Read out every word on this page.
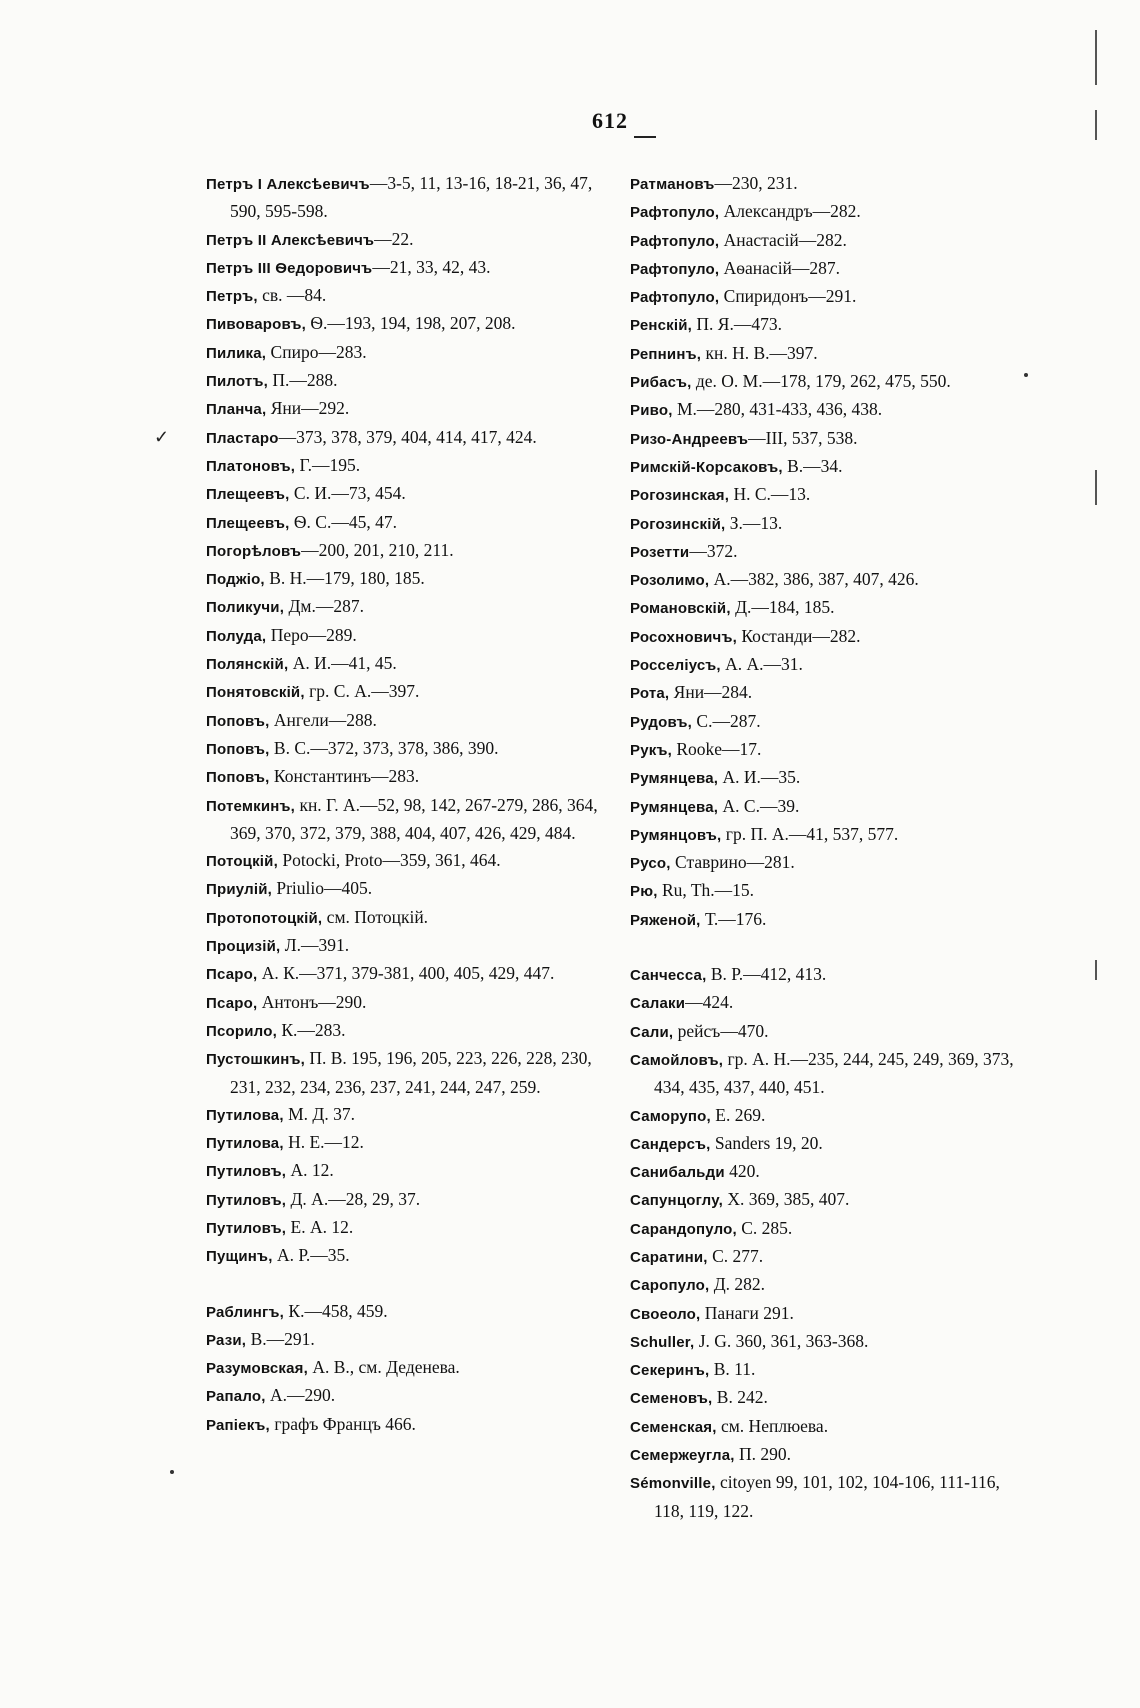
612
Петръ I Алексѣевичъ—3-5, 11, 13-16, 18-21, 36, 47, 590, 595-598.
Петръ II Алексѣевичъ—22.
Петръ III Ѳедоровичъ—21, 33, 42, 43.
Петръ, св. —84.
Пивоваровъ, Ѳ.—193, 194, 198, 207, 208.
Пилика, Спиро—283.
Пилотъ, П.—288.
Планча, Яни—292.
✓	Пластаро—373, 378, 379, 404, 414, 417, 424.
Платоновъ, Г.—195.
Плещеевъ, С. И.—73, 454.
Плещеевъ, Ѳ. С.—45, 47.
Погорѣловъ—200, 201, 210, 211.
Поджіо, В. Н.—179, 180, 185.
Поликучи, Дм.—287.
Полуда, Перо—289.
Полянскій, А. И.—41, 45.
Понятовскій, гр. С. А.—397.
Поповъ, Ангели—288.
Поповъ, В. С.—372, 373, 378, 386, 390.
Поповъ, Константинъ—283.
Потемкинъ, кн. Г. А.—52, 98, 142, 267-279, 286, 364, 369, 370, 372, 379, 388, 404, 407, 426, 429, 484.
Потоцкій, Potocki, Proto—359, 361, 464.
Приулій, Priulio—405.
Протопотоцкій, см. Потоцкій.
Процизій, Л.—391.
Псаро, А. К.—371, 379-381, 400, 405, 429, 447.
Псаро, Антонъ—290.
Псорило, К.—283.
Пустошкинъ, П. В. 195, 196, 205, 223, 226, 228, 230, 231, 232, 234, 236, 237, 241, 244, 247, 259.
Путилова, М. Д. 37.
Путилова, Н. Е.—12.
Путиловъ, А. 12.
Путиловъ, Д. А.—28, 29, 37.
Путиловъ, Е. А. 12.
Пущинъ, А. Р.—35.
Раблингъ, К.—458, 459.
Рази, В.—291.
Разумовская, А. В., см. Деденева.
Рапало, А.—290.
Рапіекъ, графъ Францъ 466.
Ратмановъ—230, 231.
Рафтопуло, Александръ—282.
Рафтопуло, Анастасій—282.
Рафтопуло, Аѳанасій—287.
Рафтопуло, Спиридонъ—291.
Ренскій, П. Я.—473.
Репнинъ, кн. Н. В.—397.
Рибасъ, де. О. М.—178, 179, 262, 475, 550.
Риво, М.—280, 431-433, 436, 438.
Ризо-Андреевъ—III, 537, 538.
Римскій-Корсаковъ, В.—34.
Рогозинская, Н. С.—13.
Рогозинскій, З.—13.
Розетти—372.
Розолимо, А.—382, 386, 387, 407, 426.
Романовскій, Д.—184, 185.
Росохновичъ, Костанди—282.
Росселіусъ, А. А.—31.
Рота, Яни—284.
Рудовъ, С.—287.
Рукъ, Rooke—17.
Румянцева, А. И.—35.
Румянцева, А. С.—39.
Румянцовъ, гр. П. А.—41, 537, 577.
Русо, Ставрино—281.
Рю, Ru, Th.—15.
Ряженой, Т.—176.
Санчесса, В. Р.—412, 413.
Салаки—424.
Сали, рейсъ—470.
Самойловъ, гр. А. Н.—235, 244, 245, 249, 369, 373, 434, 435, 437, 440, 451.
Саморупо, Е. 269.
Сандерсъ, Sanders 19, 20.
Санибальди 420.
Сапунцоглу, Х. 369, 385, 407.
Сарандопуло, С. 285.
Саратини, С. 277.
Саропуло, Д. 282.
Своеоло, Панаги 291.
Schuller, J. G. 360, 361, 363-368.
Секеринъ, В. 11.
Семеновъ, В. 242.
Семенская, см. Неплюева.
Семержеугла, П. 290.
Sémonville, citoyen 99, 101, 102, 104-106, 111-116, 118, 119, 122.
